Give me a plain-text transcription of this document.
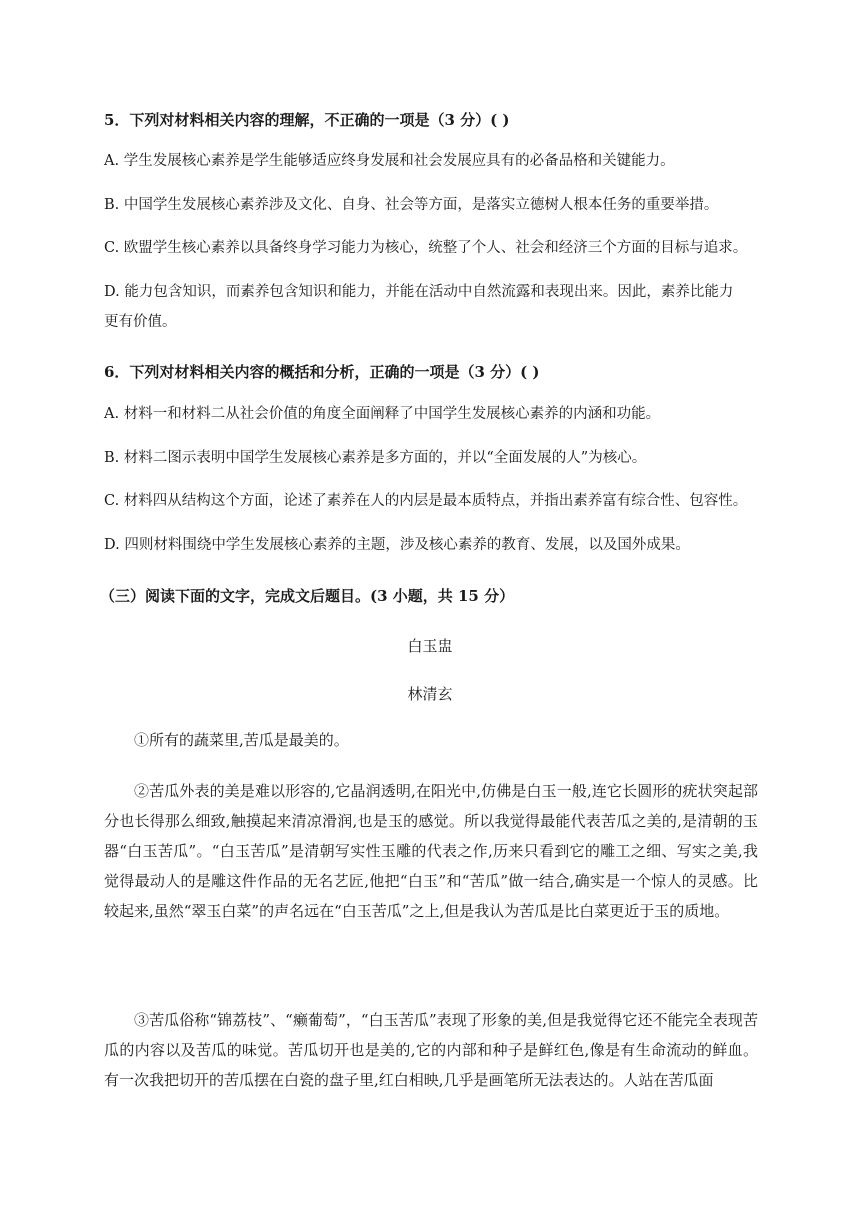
5．下列对材料相关内容的理解，不正确的一项是（3 分）( )
A. 学生发展核心素养是学生能够适应终身发展和社会发展应具有的必备品格和关键能力。
B. 中国学生发展核心素养涉及文化、自身、社会等方面，是落实立德树人根本任务的重要举措。
C. 欧盟学生核心素养以具备终身学习能力为核心，统整了个人、社会和经济三个方面的目标与追求。
D. 能力包含知识，而素养包含知识和能力，并能在活动中自然流露和表现出来。因此，素养比能力
更有价值。
6．下列对材料相关内容的概括和分析，正确的一项是（3 分）( )
A. 材料一和材料二从社会价值的角度全面阐释了中国学生发展核心素养的内涵和功能。
B. 材料二图示表明中国学生发展核心素养是多方面的，并以“全面发展的人”为核心。
C. 材料四从结构这个方面，论述了素养在人的内层是最本质特点，并指出素养富有综合性、包容性。
D. 四则材料围绕中学生发展核心素养的主题，涉及核心素养的教育、发展，以及国外成果。
（三）阅读下面的文字，完成文后题目。(3 小题，共 15 分）
白玉盅
林清玄
①所有的蔬菜里,苦瓜是最美的。
②苦瓜外表的美是难以形容的,它晶润透明,在阳光中,仿佛是白玉一般,连它长圆形的疣状突起部分也长得那么细致,触摸起来清凉滑润,也是玉的感觉。所以我觉得最能代表苦瓜之美的,是清朝的玉器“白玉苦瓜”。“白玉苦瓜”是清朝写实性玉雕的代表之作,历来只看到它的雕工之细、写实之美,我觉得最动人的是雕这件作品的无名艺匠,他把“白玉”和“苦瓜”做一结合,确实是一个惊人的灵感。比较起来,虽然“翠玉白菜”的声名远在“白玉苦瓜”之上,但是我认为苦瓜是比白菜更近于玉的质地。
③苦瓜俗称“锦荔枝”、“癞葡萄”，“白玉苦瓜”表现了形象的美,但是我觉得它还不能完全表现苦瓜的内容以及苦瓜的味觉。苦瓜切开也是美的,它的内部和种子是鲜红色,像是有生命流动的鲜血。有一次我把切开的苦瓜摆在白瓷的盘子里,红白相映,几乎是画笔所无法表达的。人站在苦瓜面
